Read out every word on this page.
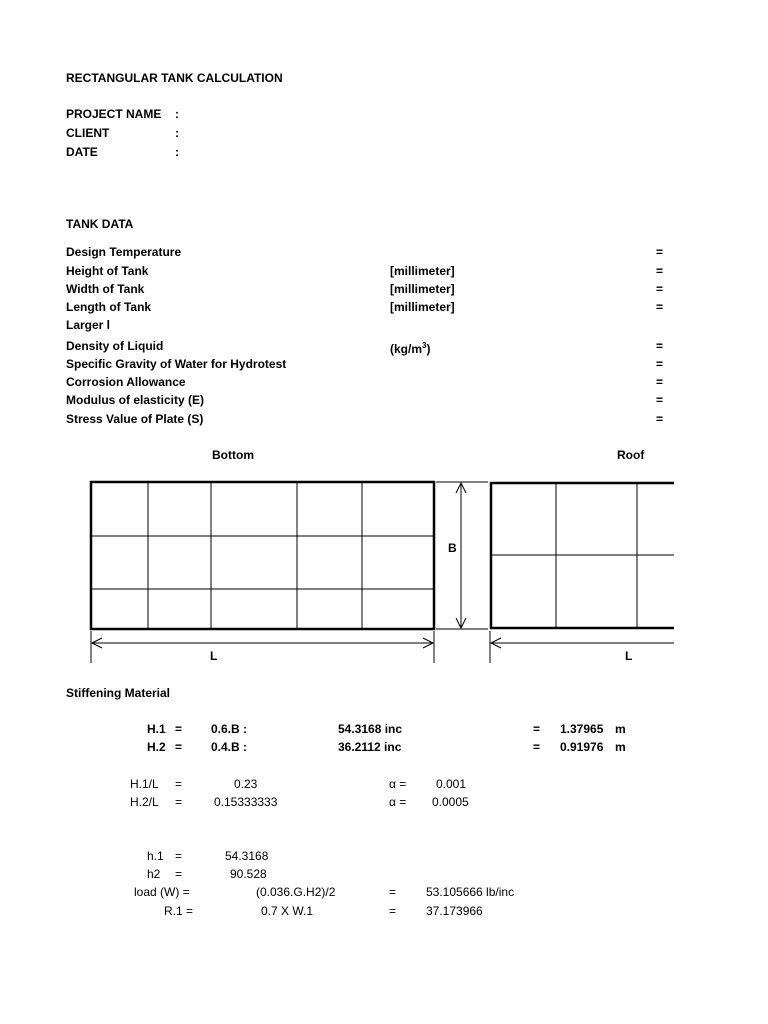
RECTANGULAR TANK CALCULATION
PROJECT NAME :
CLIENT	:
DATE	:
TANK DATA
Design Temperature	=
Height of Tank	[millimeter]	=
Width of Tank	[millimeter]	=
Length of Tank	[millimeter]	=
Larger l
Density of Liquid	$(kg/m^3)$	=
Specific Gravity of Water for Hydrotest	=
Corrosion Allowance	=
Modulus of elasticity (E)	=
Stress Value of Plate (S)	=
Bottom	Roof
B
L	L
Stiffening Material
H.1 = 0.6.B :	54.3168 inc	= 1.37965 m
H.2 = 0.4.B :	36.2112 inc	= 0.91976 m
H.1/L =	0.23	α = 0.001
H.2/L =	0.15333333	α = 0.0005
h.1 =	54.3168
h2 =	90.528
load (W) =	(0.036.G.H2)/2	= 53.105666 lb/inc
R.1 =	0.7 X W.1	= 37.173966
